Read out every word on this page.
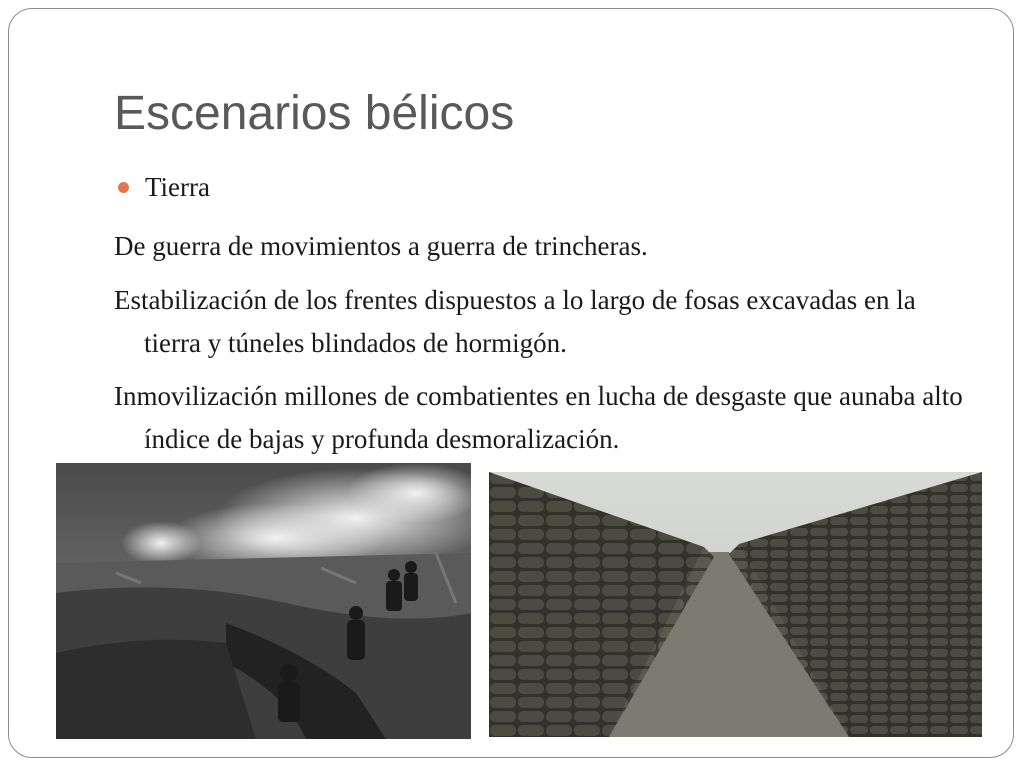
Escenarios bélicos
Tierra
De guerra de movimientos a guerra de trincheras.
Estabilización de los frentes dispuestos a lo largo de fosas excavadas en la tierra y túneles blindados de hormigón.
Inmovilización millones de combatientes en lucha de desgaste que aunaba alto índice de bajas y profunda desmoralización.
